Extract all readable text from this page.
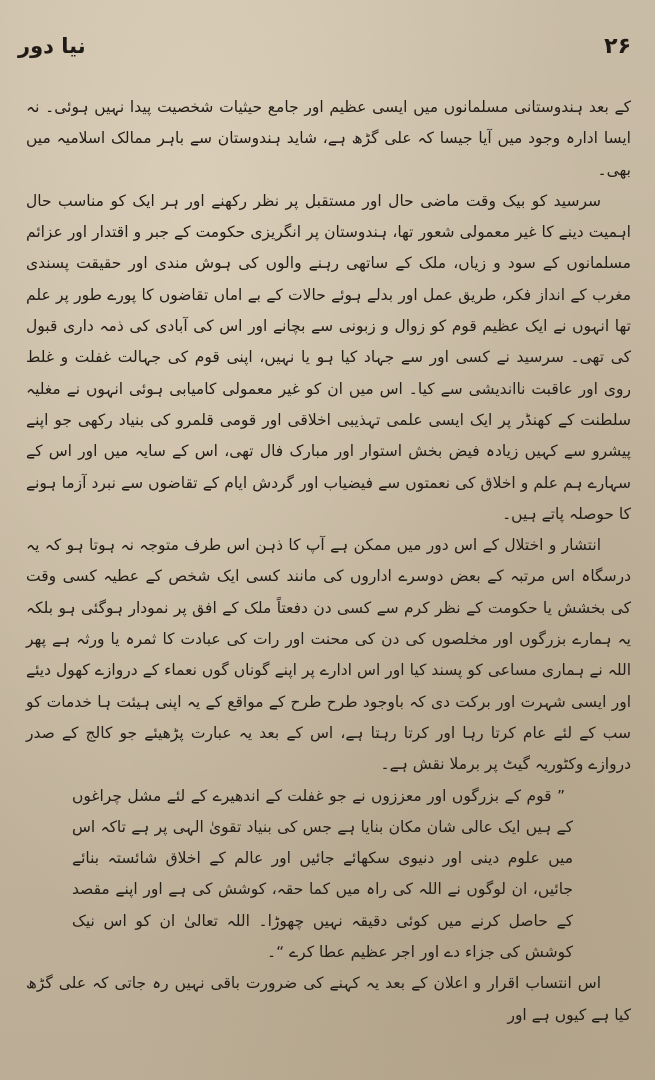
نیا دور	۲۶

کے بعد ہندوستانی مسلمانوں میں ایسی عظیم اور جامع حیثیات شخصیت پیدا نہیں ہوئی۔ نہ ایسا ادارہ وجود میں آیا جیسا کہ علی گڑھ ہے، شاید ہندوستان سے باہر ممالک اسلامیہ میں بھی۔

سرسید کو بیک وقت ماضی حال اور مستقبل پر نظر رکھنے اور ہر ایک کو مناسب حال اہمیت دینے کا غیر معمولی شعور تھا، ہندوستان پر انگریزی حکومت کے جبر و اقتدار اور عزائم مسلمانوں کے سود و زیاں، ملک کے ساتھی رہنے والوں کی ہوش مندی اور حقیقت پسندی مغرب کے انداز فکر، طریق عمل اور بدلے ہوئے حالات کے بے اماں تقاضوں کا پورے طور پر علم تھا انہوں نے ایک عظیم قوم کو زوال و زبونی سے بچانے اور اس کی آبادی کی ذمہ داری قبول کی تھی۔ سرسید نے کسی اور سے جہاد کیا ہو یا نہیں، اپنی قوم کی جہالت غفلت و غلط روی اور عاقبت نااندیشی سے کیا۔ اس میں ان کو غیر معمولی کامیابی ہوئی انہوں نے مغلیہ سلطنت کے کھنڈر پر ایک ایسی علمی تہذیبی اخلاقی اور قومی قلمرو کی بنیاد رکھی جو اپنے پیشرو سے کہیں زیادہ فیض بخش استوار اور مبارک فال تھی، اس کے سایہ میں اور اس کے سہارے ہم علم و اخلاق کی نعمتوں سے فیضیاب اور گردش ایام کے تقاضوں سے نبرد آزما ہونے کا حوصلہ پاتے ہیں۔

انتشار و اختلال کے اس دور میں ممکن ہے آپ کا ذہن اس طرف متوجہ نہ ہوتا ہو کہ یہ درسگاہ اس مرتبہ کے بعض دوسرے اداروں کی مانند کسی ایک شخص کے عطیہ کسی وقت کی بخشش یا حکومت کے نظر کرم سے کسی دن دفعتاً ملک کے افق پر نمودار ہوگئی ہو بلکہ یہ ہمارے بزرگوں اور مخلصوں کی دن کی محنت اور رات کی عبادت کا ثمرہ یا ورثہ ہے پھر اللہ نے ہماری مساعی کو پسند کیا اور اس ادارے پر اپنے گوناں گوں نعماء کے دروازے کھول دیئے اور ایسی شہرت اور برکت دی کہ باوجود طرح طرح کے مواقع کے یہ اپنی ہیئت ہا خدمات کو سب کے لئے عام کرتا رہا اور کرتا رہتا ہے، اس کے بعد یہ عبارت پڑھیئے جو کالج کے صدر دروازے وکٹوریہ گیٹ پر برملا نقش ہے۔

” قوم کے بزرگوں اور معززوں نے جو غفلت کے اندھیرے کے لئے مشل چراغوں کے ہیں ایک عالی شان مکان بنایا ہے جس کی بنیاد تقویٰ الہی پر ہے تاکہ اس میں علوم دینی اور دنیوی سکھائے جائیں اور عالم کے اخلاق شائستہ بنائے جائیں، ان لوگوں نے اللہ کی راہ میں کما حقہ، کوشش کی ہے اور اپنے مقصد کے حاصل کرنے میں کوئی دقیقہ نہیں چھوڑا۔ اللہ تعالیٰ ان کو اس نیک کوشش کی جزاء دے اور اجر عظیم عطا کرے “۔

اس انتساب اقرار و اعلان کے بعد یہ کہنے کی ضرورت باقی نہیں رہ جاتی کہ علی گڑھ کیا ہے کیوں ہے اور
